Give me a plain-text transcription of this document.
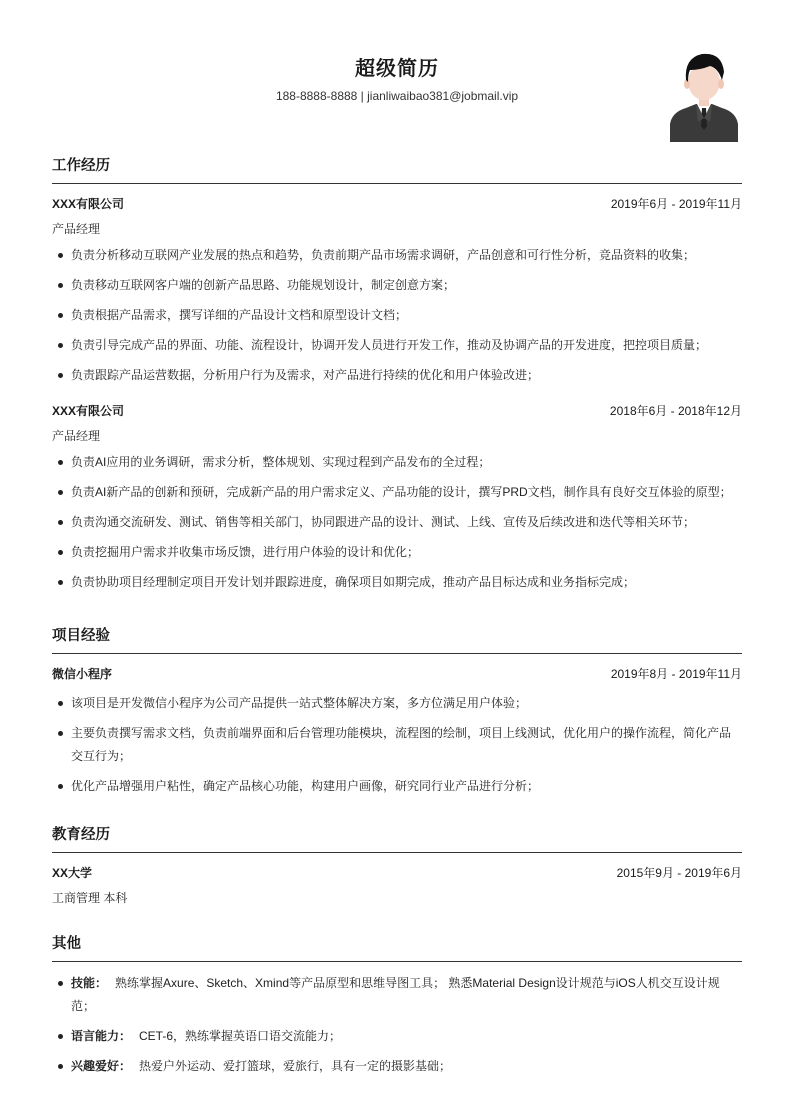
超级简历
188-8888-8888 | jianliwaibao381@jobmail.vip
工作经历
XXX有限公司	2019年6月 - 2019年11月
产品经理
负责分析移动互联网产业发展的热点和趋势，负责前期产品市场需求调研，产品创意和可行性分析，竞品资料的收集；
负责移动互联网客户端的创新产品思路、功能规划设计，制定创意方案；
负责根据产品需求，撰写详细的产品设计文档和原型设计文档；
负责引导完成产品的界面、功能、流程设计，协调开发人员进行开发工作，推动及协调产品的开发进度，把控项目质量；
负责跟踪产品运营数据，分析用户行为及需求，对产品进行持续的优化和用户体验改进；
XXX有限公司	2018年6月 - 2018年12月
产品经理
负责AI应用的业务调研，需求分析，整体规划、实现过程到产品发布的全过程；
负责AI新产品的创新和预研，完成新产品的用户需求定义、产品功能的设计，撰写PRD文档，制作具有良好交互体验的原型；
负责沟通交流研发、测试、销售等相关部门，协同跟进产品的设计、测试、上线、宣传及后续改进和迭代等相关环节；
负责挖掘用户需求并收集市场反馈，进行用户体验的设计和优化；
负责协助项目经理制定项目开发计划并跟踪进度，确保项目如期完成，推动产品目标达成和业务指标完成；
项目经验
微信小程序	2019年8月 - 2019年11月
该项目是开发微信小程序为公司产品提供一站式整体解决方案，多方位满足用户体验；
主要负责撰写需求文档，负责前端界面和后台管理功能模块，流程图的绘制，项目上线测试，优化用户的操作流程，简化产品交互行为；
优化产品增强用户粘性，确定产品核心功能，构建用户画像，研究同行业产品进行分析；
教育经历
XX大学	2015年9月 - 2019年6月
工商管理 本科
其他
技能： 熟练掌握Axure、Sketch、Xmind等产品原型和思维导图工具； 熟悉Material Design设计规范与iOS人机交互设计规范；
语言能力： CET-6，熟练掌握英语口语交流能力；
兴趣爱好： 热爱户外运动、爱打篮球，爱旅行，具有一定的摄影基础；
